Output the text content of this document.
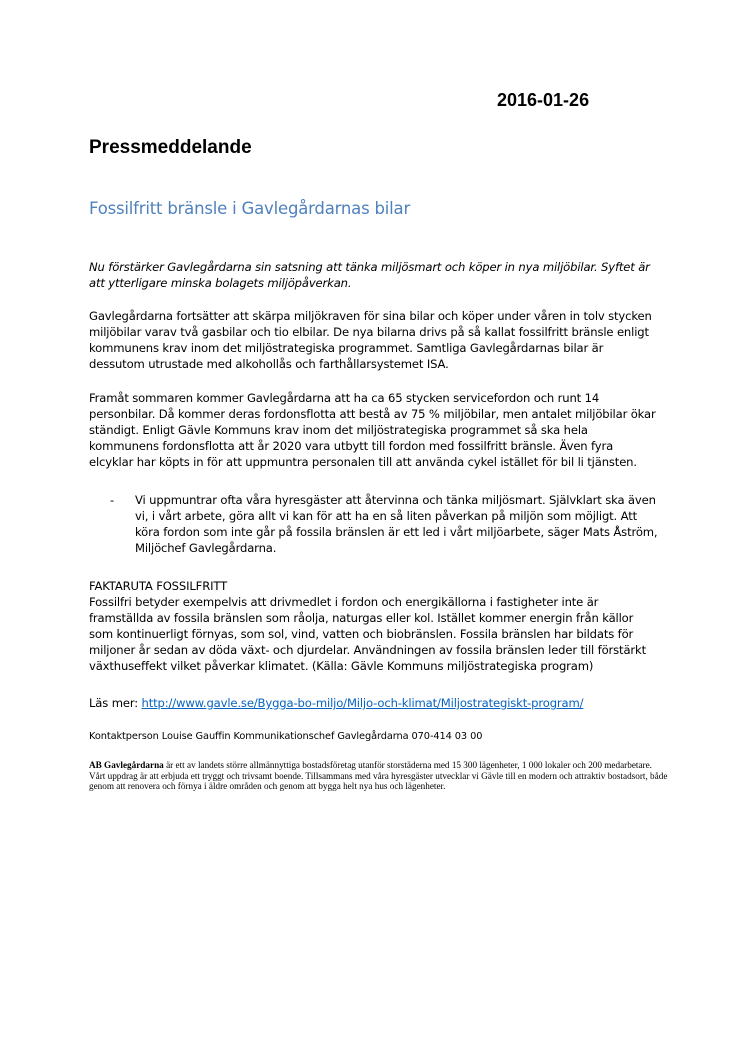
2016-01-26
Pressmeddelande
Fossilfritt bränsle i Gavlegårdarnas bilar

Nu förstärker Gavlegårdarna sin satsning att tänka miljösmart och köper in nya miljöbilar. Syftet är att ytterligare minska bolagets miljöpåverkan.

Gavlegårdarna fortsätter att skärpa miljökraven för sina bilar och köper under våren in tolv stycken miljöbilar varav två gasbilar och tio elbilar. De nya bilarna drivs på så kallat fossilfritt bränsle enligt kommunens krav inom det miljöstrategiska programmet. Samtliga Gavlegårdarnas bilar är dessutom utrustade med alkohollås och farthållarsystemet ISA.

Framåt sommaren kommer Gavlegårdarna att ha ca 65 stycken servicefordon och runt 14 personbilar. Då kommer deras fordonsflotta att bestå av 75 % miljöbilar, men antalet miljöbilar ökar ständigt. Enligt Gävle Kommuns krav inom det miljöstrategiska programmet så ska hela kommunens fordonsflotta att år 2020 vara utbytt till fordon med fossilfritt bränsle. Även fyra elcyklar har köpts in för att uppmuntra personalen till att använda cykel istället för bil li tjänsten.

- Vi uppmuntrar ofta våra hyresgäster att återvinna och tänka miljösmart. Självklart ska även vi, i vårt arbete, göra allt vi kan för att ha en så liten påverkan på miljön som möjligt. Att köra fordon som inte går på fossila bränslen är ett led i vårt miljöarbete, säger Mats Åström, Miljöchef Gavlegårdarna.

FAKTARUTA FOSSILFRITT

Fossilfri betyder exempelvis att drivmedlet i fordon och energikällorna i fastigheter inte är framställda av fossila bränslen som råolja, naturgas eller kol. Istället kommer energin från källor som kontinuerligt förnyas, som sol, vind, vatten och biobränslen. Fossila bränslen har bildats för miljoner år sedan av döda växt- och djurdelar. Användningen av fossila bränslen leder till förstärkt växthuseffekt vilket påverkar klimatet. (Källa: Gävle Kommuns miljöstrategiska program)

Läs mer: http://www.gavle.se/Bygga-bo-miljo/Miljo-och-klimat/Miljostrategiskt-program/
Kontaktperson Louise Gauffin Kommunikationschef Gavlegårdarna 070-414 03 00
AB Gavlegårdarna är ett av landets större allmännyttiga bostadsföretag utanför storstäderna med 15 300 lägenheter, 1 000 lokaler och 200 medarbetare. Vårt uppdrag är att erbjuda ett tryggt och trivsamt boende. Tillsammans med våra hyresgäster utvecklar vi Gävle till en modern och attraktiv bostadsort, både genom att renovera och förnya i äldre områden och genom att bygga helt nya hus och lägenheter.
